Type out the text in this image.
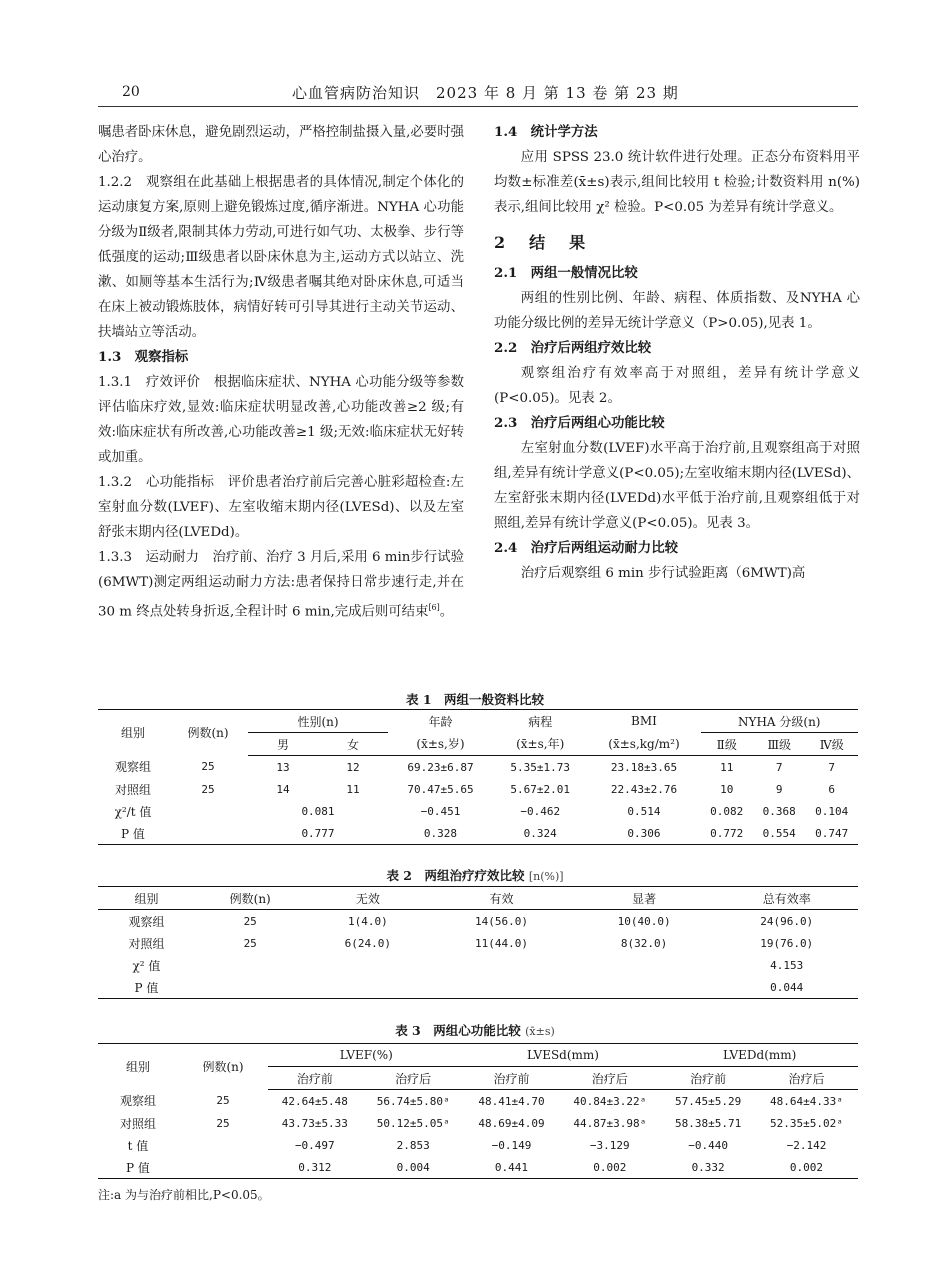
20	心血管病防治知识　2023 年 8 月 第 13 卷 第 23 期

嘱患者卧床休息，避免剧烈运动，严格控制盐摄入量,必要时强心治疗。

1.2.2　观察组在此基础上根据患者的具体情况,制定个体化的运动康复方案,原则上避免锻炼过度,循序渐进。NYHA 心功能分级为Ⅱ级者,限制其体力劳动,可进行如气功、太极拳、步行等低强度的运动;Ⅲ级患者以卧床休息为主,运动方式以站立、洗漱、如厕等基本生活行为;Ⅳ级患者嘱其绝对卧床休息,可适当在床上被动锻炼肢体，病情好转可引导其进行主动关节运动、扶墙站立等活动。

1.3　观察指标

1.3.1　疗效评价　根据临床症状、NYHA 心功能分级等参数评估临床疗效,显效:临床症状明显改善,心功能改善≥2 级;有效:临床症状有所改善,心功能改善≥1 级;无效:临床症状无好转或加重。

1.3.2　心功能指标　评价患者治疗前后完善心脏彩超检查:左室射血分数(LVEF)、左室收缩末期内径(LVESd)、以及左室舒张末期内径(LVEDd)。

1.3.3　运动耐力　治疗前、治疗 3 月后,采用 6 min步行试验(6MWT)测定两组运动耐力方法:患者保持日常步速行走,并在 30 m 终点处转身折返,全程计时 6 min,完成后则可结束[6]。

1.4　统计学方法

应用 SPSS 23.0 统计软件进行处理。正态分布资料用平均数±标准差(x̄±s)表示,组间比较用 t 检验;计数资料用 n(%)表示,组间比较用 χ² 检验。P<0.05 为差异有统计学意义。

2　结　果

2.1　两组一般情况比较

两组的性别比例、年龄、病程、体质指数、及NYHA 心功能分级比例的差异无统计学意义（P>0.05),见表 1。

2.2　治疗后两组疗效比较

观察组治疗有效率高于对照组，差异有统计学意义(P<0.05)。见表 2。

2.3　治疗后两组心功能比较

左室射血分数(LVEF)水平高于治疗前,且观察组高于对照组,差异有统计学意义(P<0.05);左室收缩末期内径(LVESd)、左室舒张末期内径(LVEDd)水平低于治疗前,且观察组低于对照组,差异有统计学意义(P<0.05)。见表 3。

2.4　治疗后两组运动耐力比较

治疗后观察组 6 min 步行试验距离（6MWT)高

表 1　两组一般资料比较
组别	例数(n)	性别(n)		年龄	病程	BMI	NYHA 分级(n)		
		男	女	(x̄±s,岁)	(x̄±s,年)	(x̄±s,kg/m²)	Ⅱ级	Ⅲ级	Ⅳ级
观察组	25	13	12	69.23±6.87	5.35±1.73	23.18±3.65	11	7	7
对照组	25	14	11	70.47±5.65	5.67±2.01	22.43±2.76	10	9	6
χ²/t 值		0.081		−0.451	−0.462	0.514	0.082	0.368	0.104
P 值		0.777		0.328	0.324	0.306	0.772	0.554	0.747
表 2　两组治疗疗效比较 [n(%)]
组别	例数(n)	无效	有效	显著	总有效率
观察组	25	1(4.0)	14(56.0)	10(40.0)	24(96.0)
对照组	25	6(24.0)	11(44.0)	8(32.0)	19(76.0)
χ² 值					4.153
P 值					0.044
表 3　两组心功能比较 (x̄±s)
组别	例数(n)	LVEF(%)		LVESd(mm)		LVEDd(mm)	
		治疗前	治疗后	治疗前	治疗后	治疗前	治疗后
观察组	25	42.64±5.48	56.74±5.80ᵃ	48.41±4.70	40.84±3.22ᵃ	57.45±5.29	48.64±4.33ᵃ
对照组	25	43.73±5.33	50.12±5.05ᵃ	48.69±4.09	44.87±3.98ᵃ	58.38±5.71	52.35±5.02ᵃ
t 值		−0.497	2.853	−0.149	−3.129	−0.440	−2.142
P 值		0.312	0.004	0.441	0.002	0.332	0.002
注:a 为与治疗前相比,P<0.05。
